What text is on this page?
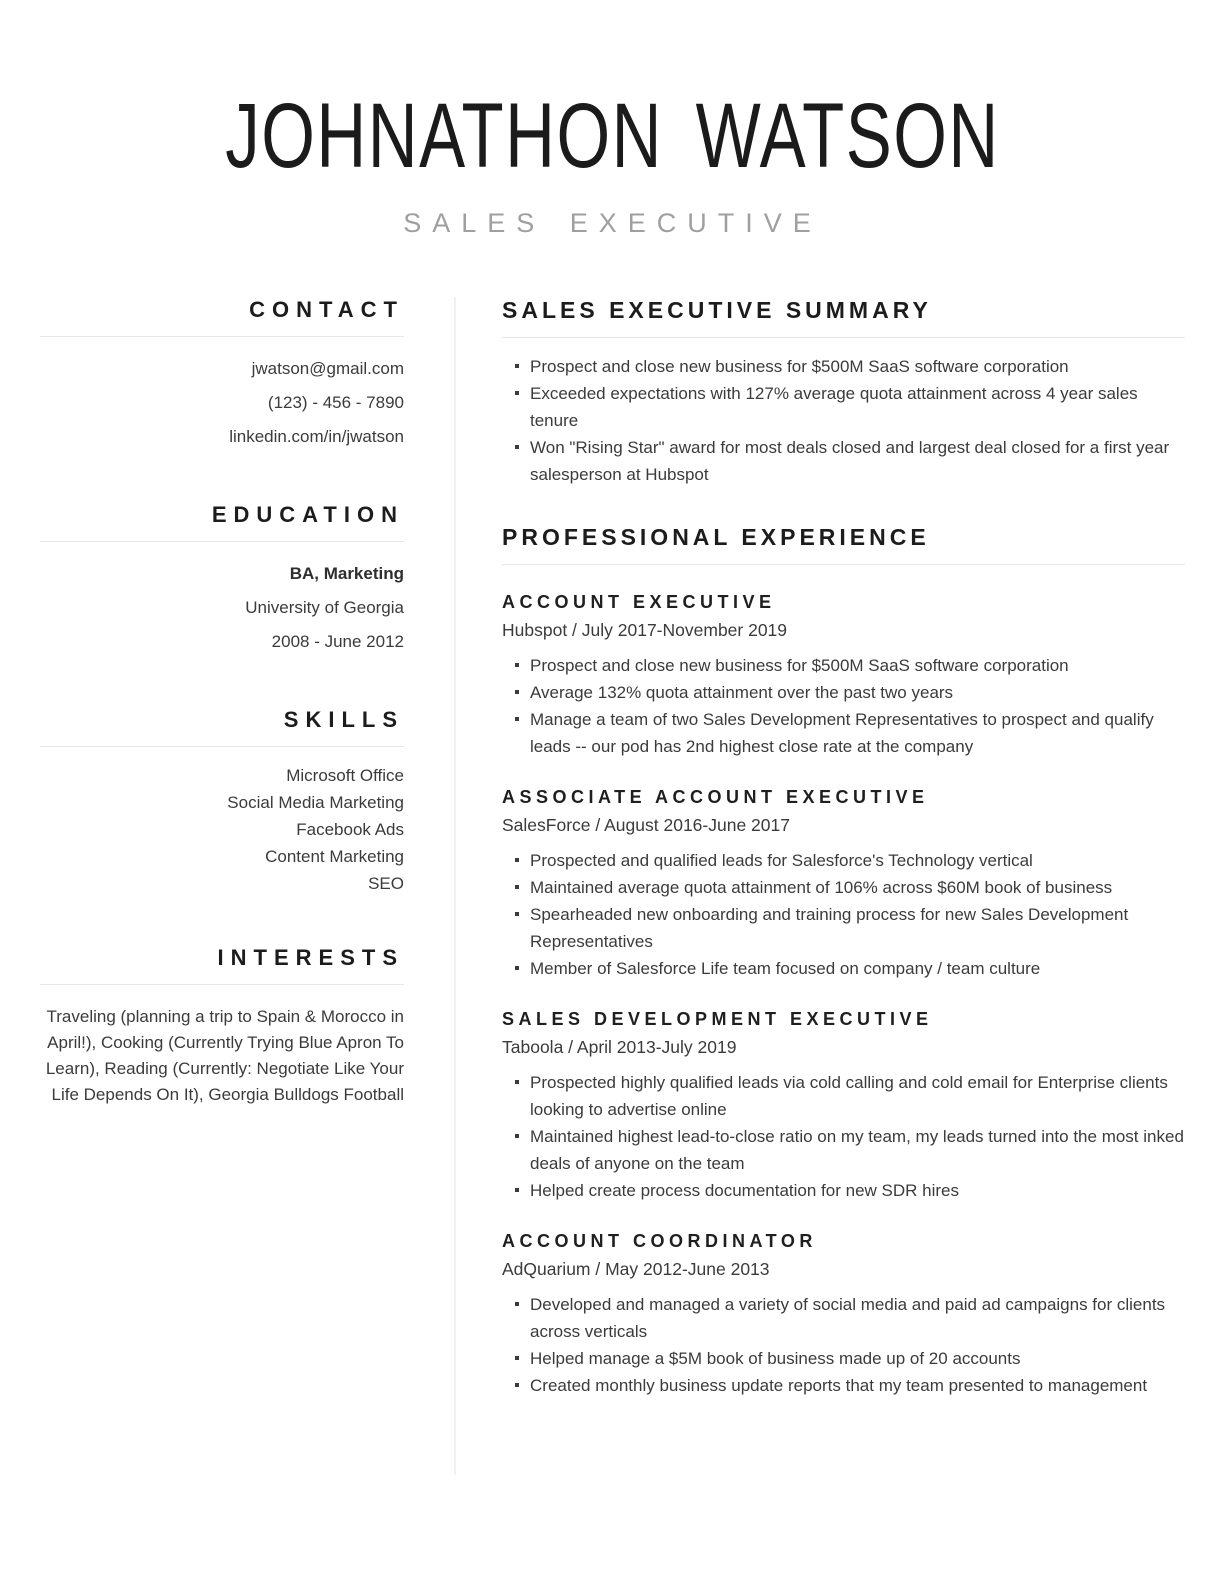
JOHNATHON WATSON
SALES EXECUTIVE
CONTACT
jwatson@gmail.com
(123) - 456 - 7890
linkedin.com/in/jwatson
EDUCATION
BA, Marketing
University of Georgia
2008 - June 2012
SKILLS
Microsoft Office
Social Media Marketing
Facebook Ads
Content Marketing
SEO
INTERESTS
Traveling (planning a trip to Spain & Morocco in April!), Cooking (Currently Trying Blue Apron To Learn), Reading (Currently: Negotiate Like Your Life Depends On It), Georgia Bulldogs Football
SALES EXECUTIVE SUMMARY
Prospect and close new business for $500M SaaS software corporation
Exceeded expectations with 127% average quota attainment across 4 year sales tenure
Won "Rising Star" award for most deals closed and largest deal closed for a first year salesperson at Hubspot
PROFESSIONAL EXPERIENCE
ACCOUNT EXECUTIVE
Hubspot / July 2017-November 2019
Prospect and close new business for $500M SaaS software corporation
Average 132% quota attainment over the past two years
Manage a team of two Sales Development Representatives to prospect and qualify leads -- our pod has 2nd highest close rate at the company
ASSOCIATE ACCOUNT EXECUTIVE
SalesForce / August 2016-June 2017
Prospected and qualified leads for Salesforce's Technology vertical
Maintained average quota attainment of 106% across $60M book of business
Spearheaded new onboarding and training process for new Sales Development Representatives
Member of Salesforce Life team focused on company / team culture
SALES DEVELOPMENT EXECUTIVE
Taboola / April 2013-July 2019
Prospected highly qualified leads via cold calling and cold email for Enterprise clients looking to advertise online
Maintained highest lead-to-close ratio on my team, my leads turned into the most inked deals of anyone on the team
Helped create process documentation for new SDR hires
ACCOUNT COORDINATOR
AdQuarium / May 2012-June 2013
Developed and managed a variety of social media and paid ad campaigns for clients across verticals
Helped manage a $5M book of business made up of 20 accounts
Created monthly business update reports that my team presented to management
